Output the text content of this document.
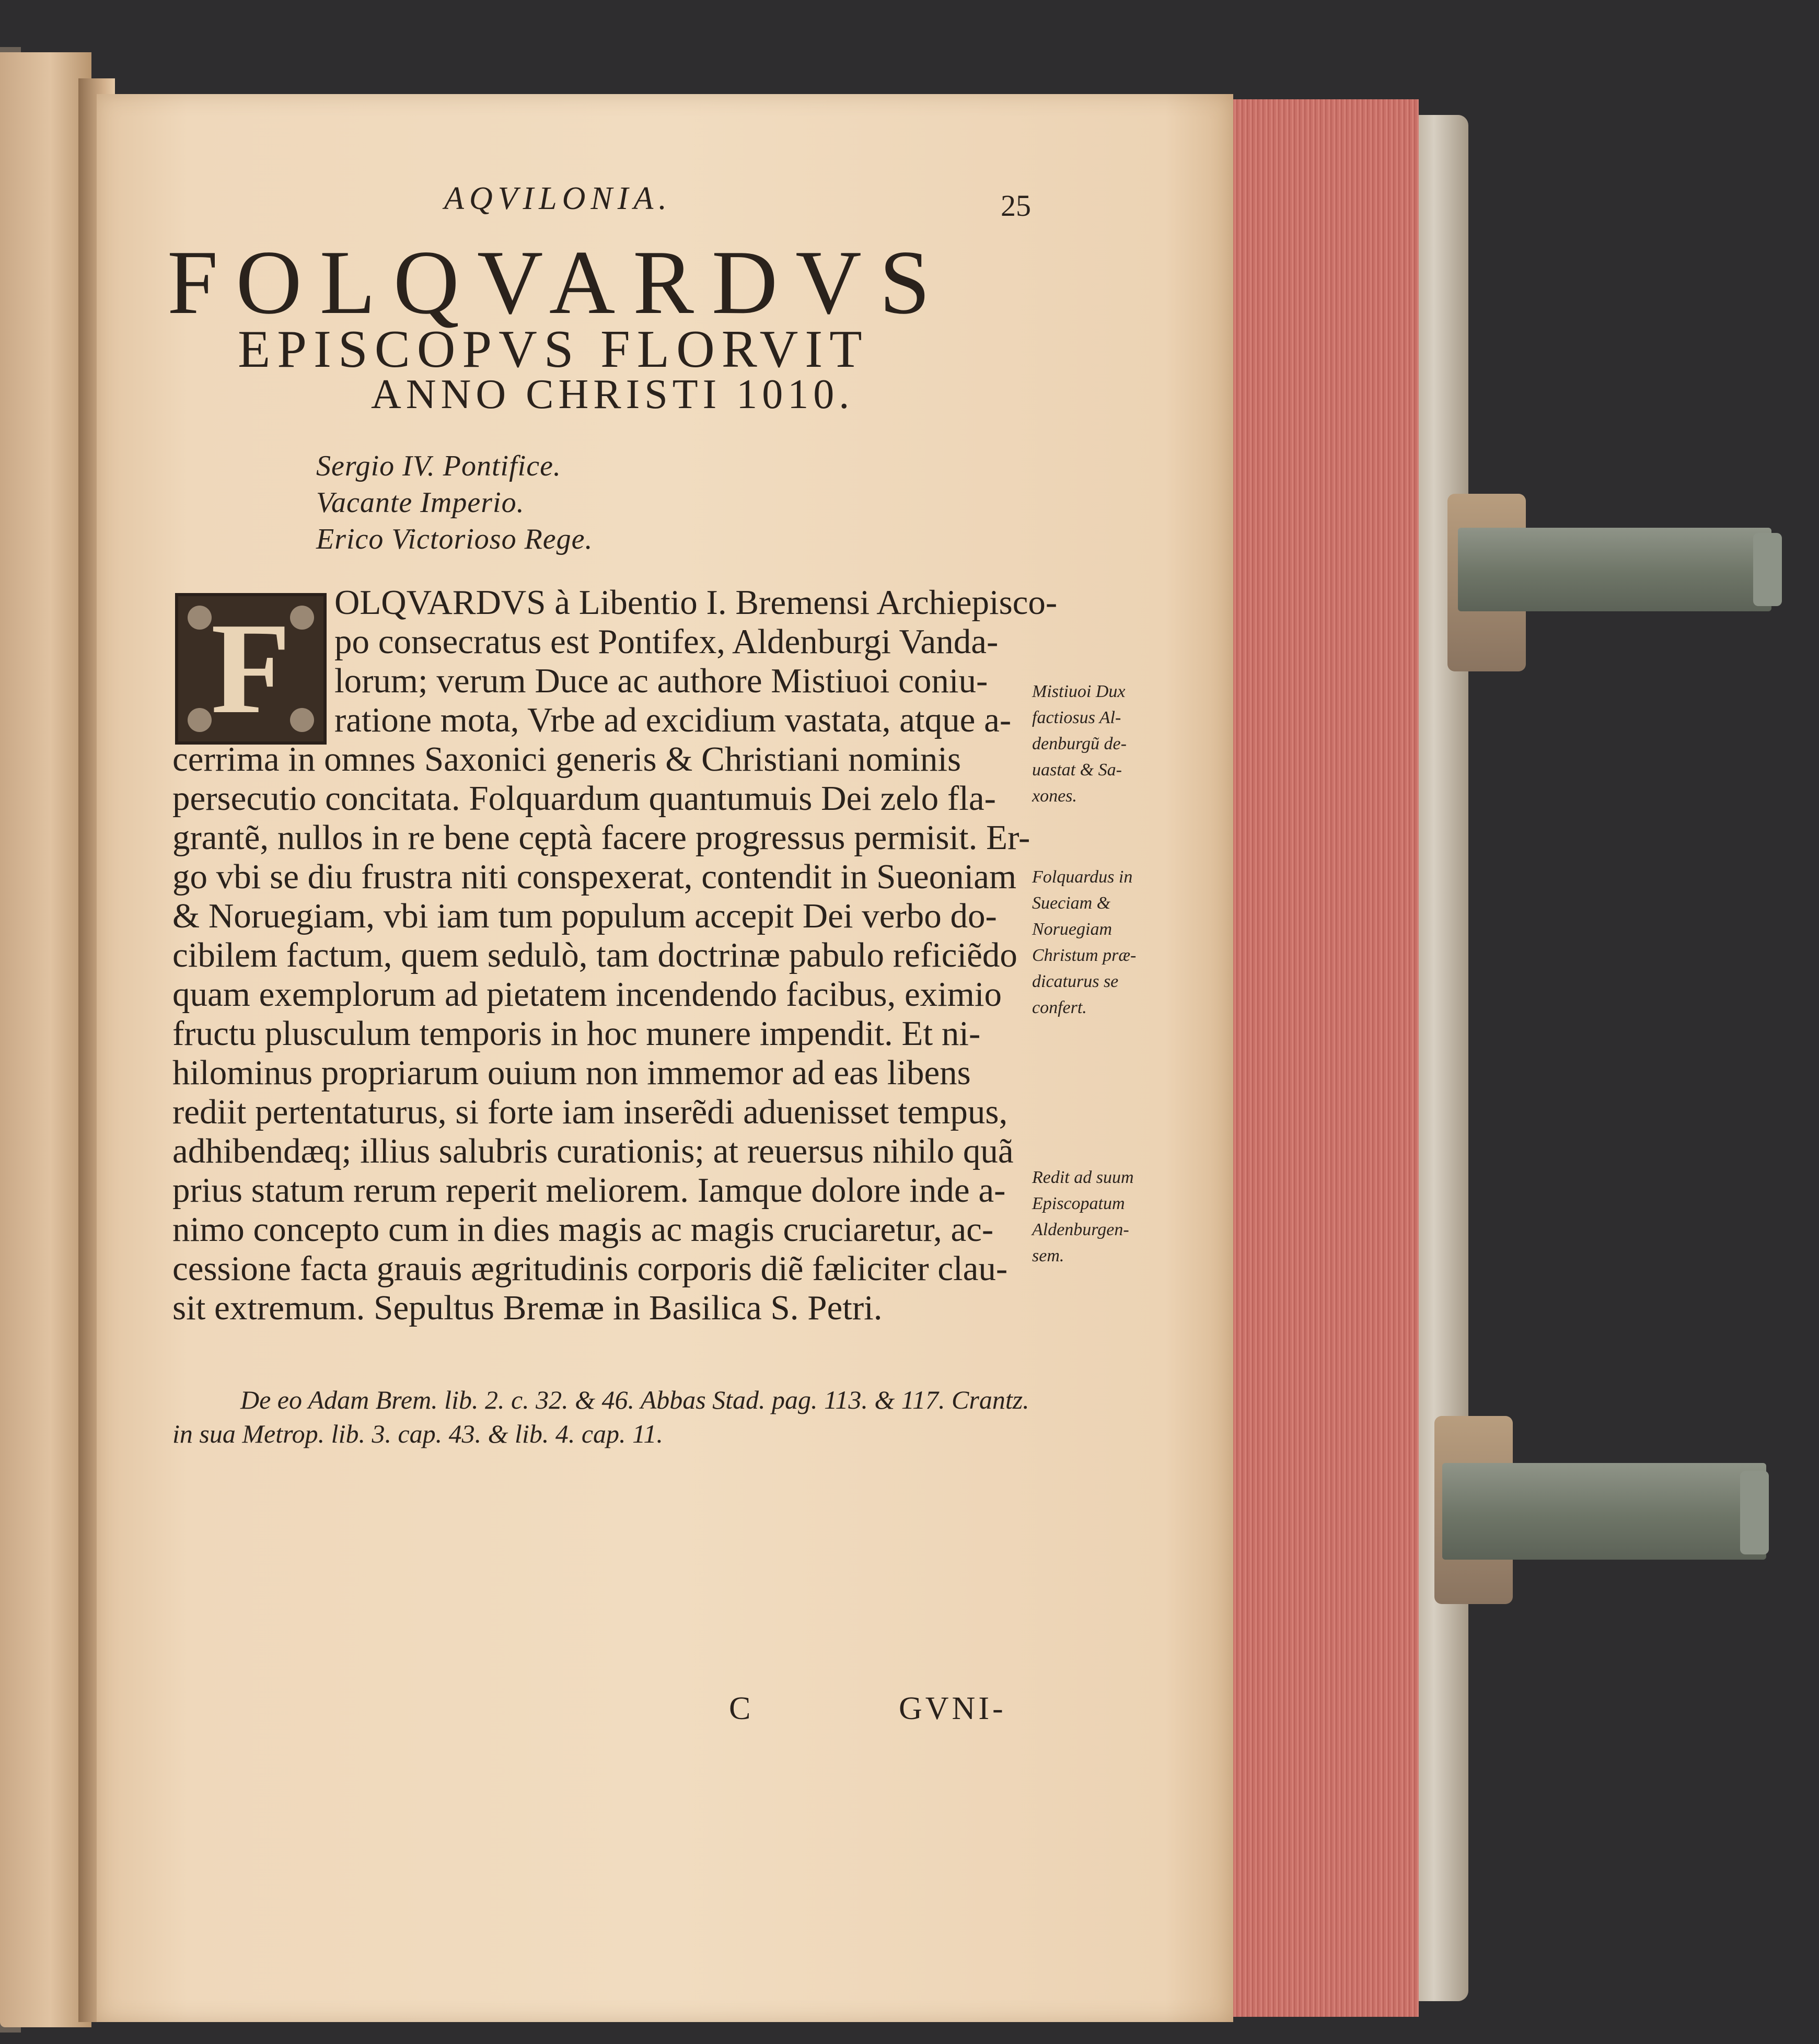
AQVILONIA.	25
FOLQVARDVS
EPISCOPVS FLORVIT
ANNO CHRISTI 1010.
Sergio IV. Pontifice.
Vacante Imperio.
Erico Victorioso Rege.
F	OLQVARDVS à Libentio I. Bremensi Archiepisco-
po consecratus est Pontifex, Aldenburgi Vanda-
lorum; verum Duce ac authore Mistiuoi coniu-
ratione mota, Vrbe ad excidium vastata, atque a-
cerrima in omnes Saxonici generis & Christiani nominis
persecutio concitata. Folquardum quantumuis Dei zelo fla-
grantẽ, nullos in re bene cęptà facere progressus permisit. Er-
go vbi se diu frustra niti conspexerat, contendit in Sueoniam
& Noruegiam, vbi iam tum populum accepit Dei verbo do-
cibilem factum, quem sedulò, tam doctrinæ pabulo reficiẽdo
quam exemplorum ad pietatem incendendo facibus, eximio
fructu plusculum temporis in hoc munere impendit. Et ni-
hilominus propriarum ouium non immemor ad eas libens
rediit pertentaturus, si forte iam inserẽdi aduenisset tempus,
adhibendæq; illius salubris curationis; at reuersus nihilo quã
prius statum rerum reperit meliorem. Iamque dolore inde a-
nimo concepto cum in dies magis ac magis cruciaretur, ac-
cessione facta grauis ægritudinis corporis diẽ fæliciter clau-
sit extremum. Sepultus Bremæ in Basilica S. Petri.
Mistiuoi Dux
factiosus Al-
denburgũ de-
uastat & Sa-
xones.
Folquardus in
Sueciam &
Noruegiam
Christum præ-
dicaturus se
confert.
Redit ad suum
Episcopatum
Aldenburgen-
sem.
De eo Adam Brem. lib. 2. c. 32. & 46. Abbas Stad. pag. 113. & 117. Crantz.
in sua Metrop. lib. 3. cap. 43. & lib. 4. cap. 11.
C	GVNI-
